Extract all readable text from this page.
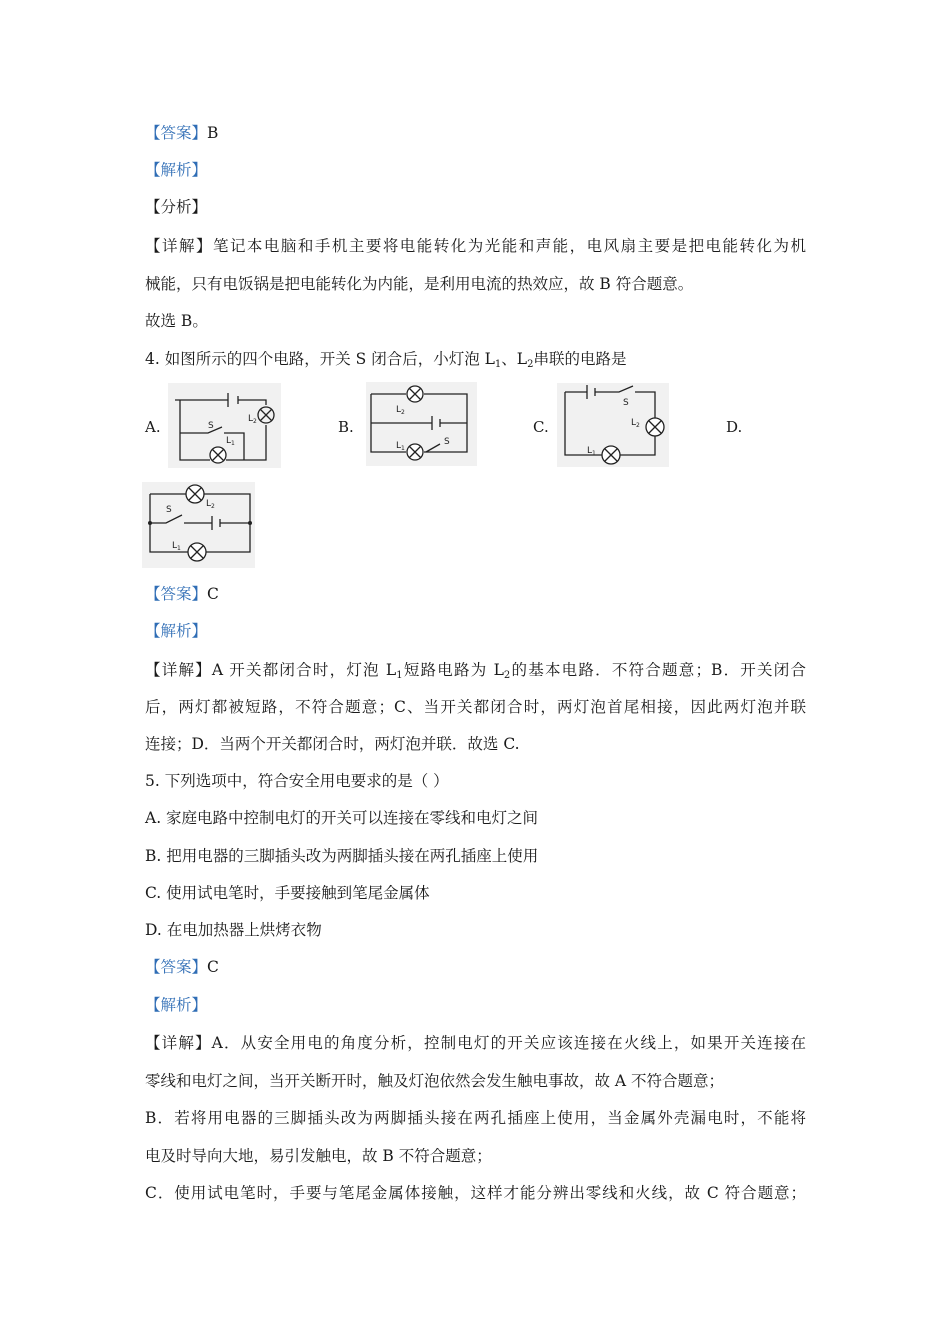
【答案】B
【解析】
【分析】
【详解】笔记本电脑和手机主要将电能转化为光能和声能，电风扇主要是把电能转化为机
械能，只有电饭锅是把电能转化为内能，是利用电流的热效应，故 B 符合题意。
故选 B。
4. 如图所示的四个电路，开关 S 闭合后，小灯泡 $L_1$、$L_2$串联的电路是
A.	B.	C.	D.
S
$L_2$
$L_1$
$L_2$
$L_1$
S
S
$L_2$
$L_1$
S
$L_2$
$L_1$
【答案】C
【解析】
【详解】A 开关都闭合时，灯泡 $L_1$短路电路为 $L_2$的基本电路．不符合题意；B．开关闭合
后，两灯都被短路，不符合题意；C、当开关都闭合时，两灯泡首尾相接，因此两灯泡并联
连接；D．当两个开关都闭合时，两灯泡并联．故选 C.
5. 下列选项中，符合安全用电要求的是（ ）
A. 家庭电路中控制电灯的开关可以连接在零线和电灯之间
B. 把用电器的三脚插头改为两脚插头接在两孔插座上使用
C. 使用试电笔时，手要接触到笔尾金属体
D. 在电加热器上烘烤衣物
【答案】C
【解析】
【详解】A．从安全用电的角度分析，控制电灯的开关应该连接在火线上，如果开关连接在
零线和电灯之间，当开关断开时，触及灯泡依然会发生触电事故，故 A 不符合题意；
B．若将用电器的三脚插头改为两脚插头接在两孔插座上使用，当金属外壳漏电时，不能将
电及时导向大地，易引发触电，故 B 不符合题意；
C．使用试电笔时，手要与笔尾金属体接触，这样才能分辨出零线和火线，故 C 符合题意；
